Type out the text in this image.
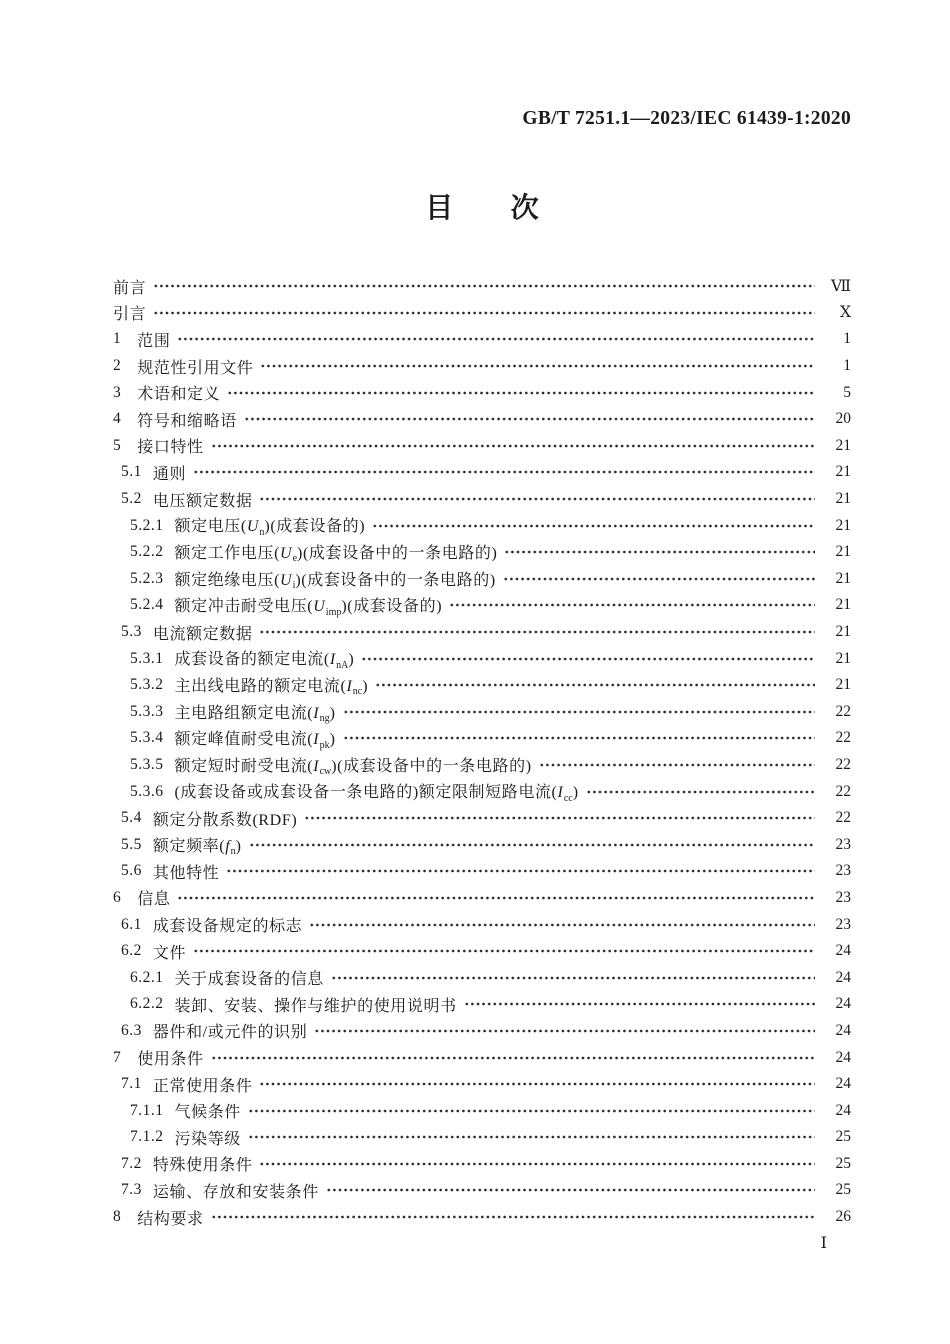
GB/T 7251.1—2023/IEC 61439-1:2020
目次
前言	Ⅶ
引言	Ⅹ
1 范围	1
2 规范性引用文件	1
3 术语和定义	5
4 符号和缩略语	20
5 接口特性	21
5.1 通则	21
5.2 电压额定数据	21
5.2.1 额定电压$(U_n)$(成套设备的)	21
5.2.2 额定工作电压$(U_e)$(成套设备中的一条电路的)	21
5.2.3 额定绝缘电压$(U_i)$(成套设备中的一条电路的)	21
5.2.4 额定冲击耐受电压$(U_{imp})$(成套设备的)	21
5.3 电流额定数据	21
5.3.1 成套设备的额定电流$(I_{nA})$	21
5.3.2 主出线电路的额定电流$(I_{nc})$	21
5.3.3 主电路组额定电流$(I_{ng})$	22
5.3.4 额定峰值耐受电流$(I_{pk})$	22
5.3.5 额定短时耐受电流$(I_{cw})$(成套设备中的一条电路的)	22
5.3.6 (成套设备或成套设备一条电路的)额定限制短路电流$(I_{cc})$	22
5.4 额定分散系数(RDF)	22
5.5 额定频率$(f_n)$	23
5.6 其他特性	23
6 信息	23
6.1 成套设备规定的标志	23
6.2 文件	24
6.2.1 关于成套设备的信息	24
6.2.2 装卸、安装、操作与维护的使用说明书	24
6.3 器件和/或元件的识别	24
7 使用条件	24
7.1 正常使用条件	24
7.1.1 气候条件	24
7.1.2 污染等级	25
7.2 特殊使用条件	25
7.3 运输、存放和安装条件	25
8 结构要求	26
Ⅰ
